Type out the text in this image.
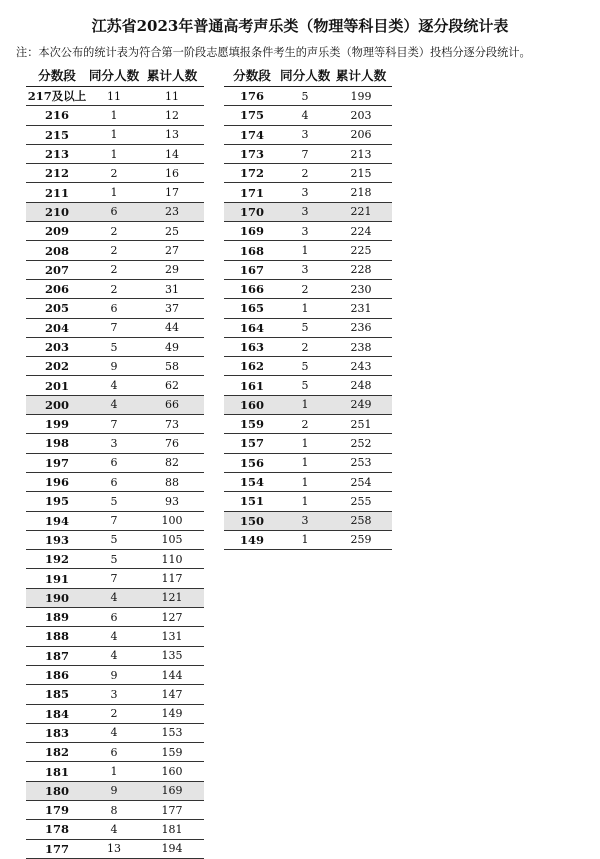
江苏省2023年普通高考声乐类（物理等科目类）逐分段统计表
注：本次公布的统计表为符合第一阶段志愿填报条件考生的声乐类（物理等科目类）投档分逐分段统计。
分数段	同分人数	累计人数
217及以上	11	11
216	1	12
215	1	13
213	1	14
212	2	16
211	1	17
210	6	23
209	2	25
208	2	27
207	2	29
206	2	31
205	6	37
204	7	44
203	5	49
202	9	58
201	4	62
200	4	66
199	7	73
198	3	76
197	6	82
196	6	88
195	5	93
194	7	100
193	5	105
192	5	110
191	7	117
190	4	121
189	6	127
188	4	131
187	4	135
186	9	144
185	3	147
184	2	149
183	4	153
182	6	159
181	1	160
180	9	169
179	8	177
178	4	181
177	13	194
分数段	同分人数	累计人数
176	5	199
175	4	203
174	3	206
173	7	213
172	2	215
171	3	218
170	3	221
169	3	224
168	1	225
167	3	228
166	2	230
165	1	231
164	5	236
163	2	238
162	5	243
161	5	248
160	1	249
159	2	251
157	1	252
156	1	253
154	1	254
151	1	255
150	3	258
149	1	259
